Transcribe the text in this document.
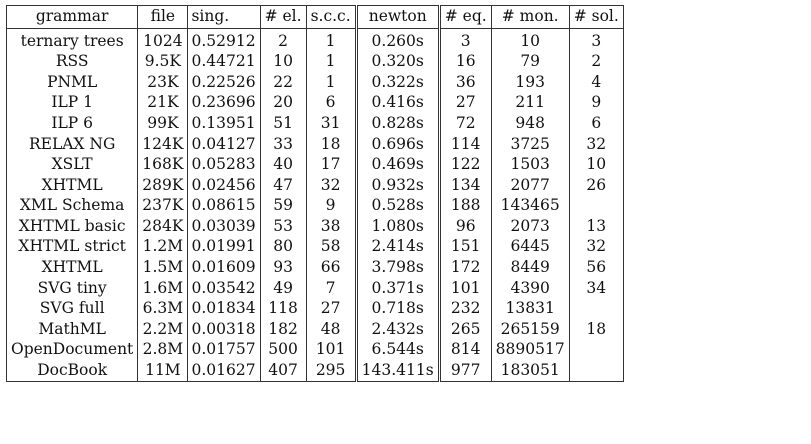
grammar	file	sing.	# el.	s.c.c.	newton	# eq.	# mon.	# sol.
ternary trees	1024	0.52912	2	1	0.260s	3	10	3
RSS	9.5K	0.44721	10	1	0.320s	16	79	2
PNML	23K	0.22526	22	1	0.322s	36	193	4
ILP 1	21K	0.23696	20	6	0.416s	27	211	9
ILP 6	99K	0.13951	51	31	0.828s	72	948	6
RELAX NG	124K	0.04127	33	18	0.696s	114	3725	32
XSLT	168K	0.05283	40	17	0.469s	122	1503	10
XHTML	289K	0.02456	47	32	0.932s	134	2077	26
XML Schema	237K	0.08615	59	9	0.528s	188	143465	
XHTML basic	284K	0.03039	53	38	1.080s	96	2073	13
XHTML strict	1.2M	0.01991	80	58	2.414s	151	6445	32
XHTML	1.5M	0.01609	93	66	3.798s	172	8449	56
SVG tiny	1.6M	0.03542	49	7	0.371s	101	4390	34
SVG full	6.3M	0.01834	118	27	0.718s	232	13831	
MathML	2.2M	0.00318	182	48	2.432s	265	265159	18
OpenDocument	2.8M	0.01757	500	101	6.544s	814	8890517	
DocBook	11M	0.01627	407	295	143.411s	977	183051	
